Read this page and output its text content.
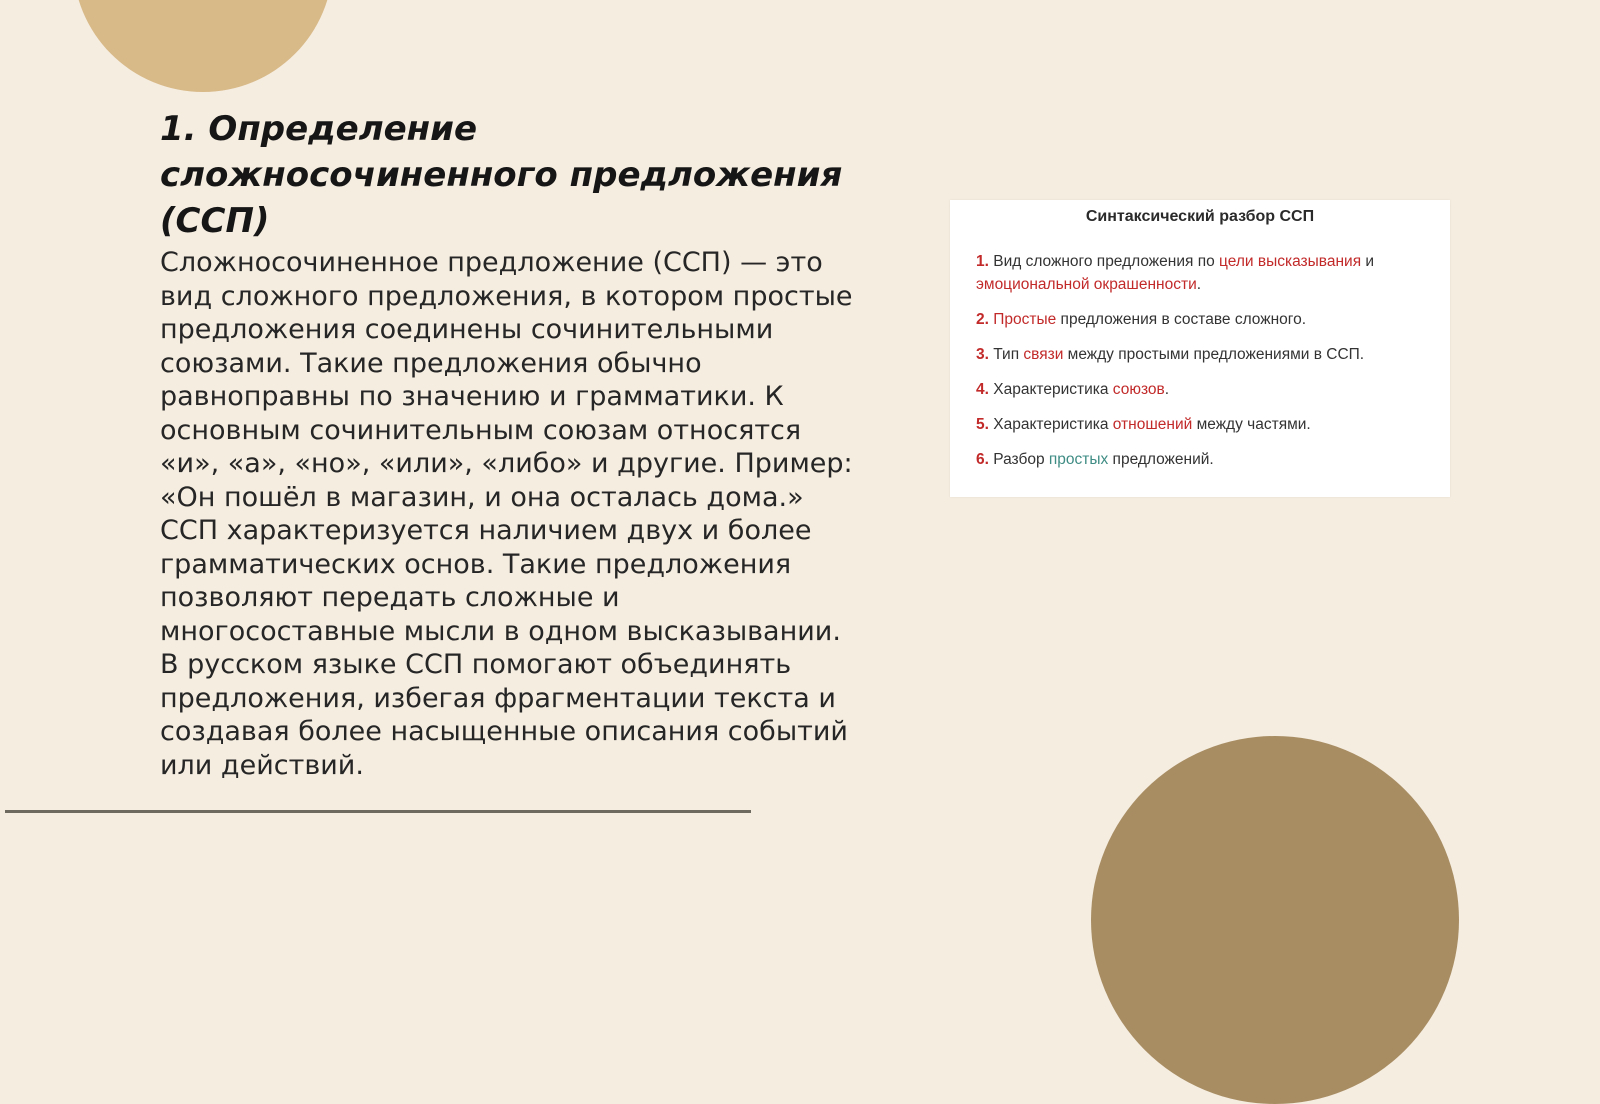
1. Определение сложносочиненного предложения (ССП)

Сложносочиненное предложение (ССП) — это вид сложного предложения, в котором простые предложения соединены сочинительными союзами. Такие предложения обычно равноправны по значению и грамматики. К основным сочинительным союзам относятся «и», «а», «но», «или», «либо» и другие. Пример: «Он пошёл в магазин, и она осталась дома.» ССП характеризуется наличием двух и более грамматических основ. Такие предложения позволяют передать сложные и многосоставные мысли в одном высказывании. В русском языке ССП помогают объединять предложения, избегая фрагментации текста и создавая более насыщенные описания событий или действий.

Синтаксический разбор ССП
1. Вид сложного предложения по цели высказывания и эмоциональной окрашенности.
2. Простые предложения в составе сложного.
3. Тип связи между простыми предложениями в ССП.
4. Характеристика союзов.
5. Характеристика отношений между частями.
6. Разбор простых предложений.
